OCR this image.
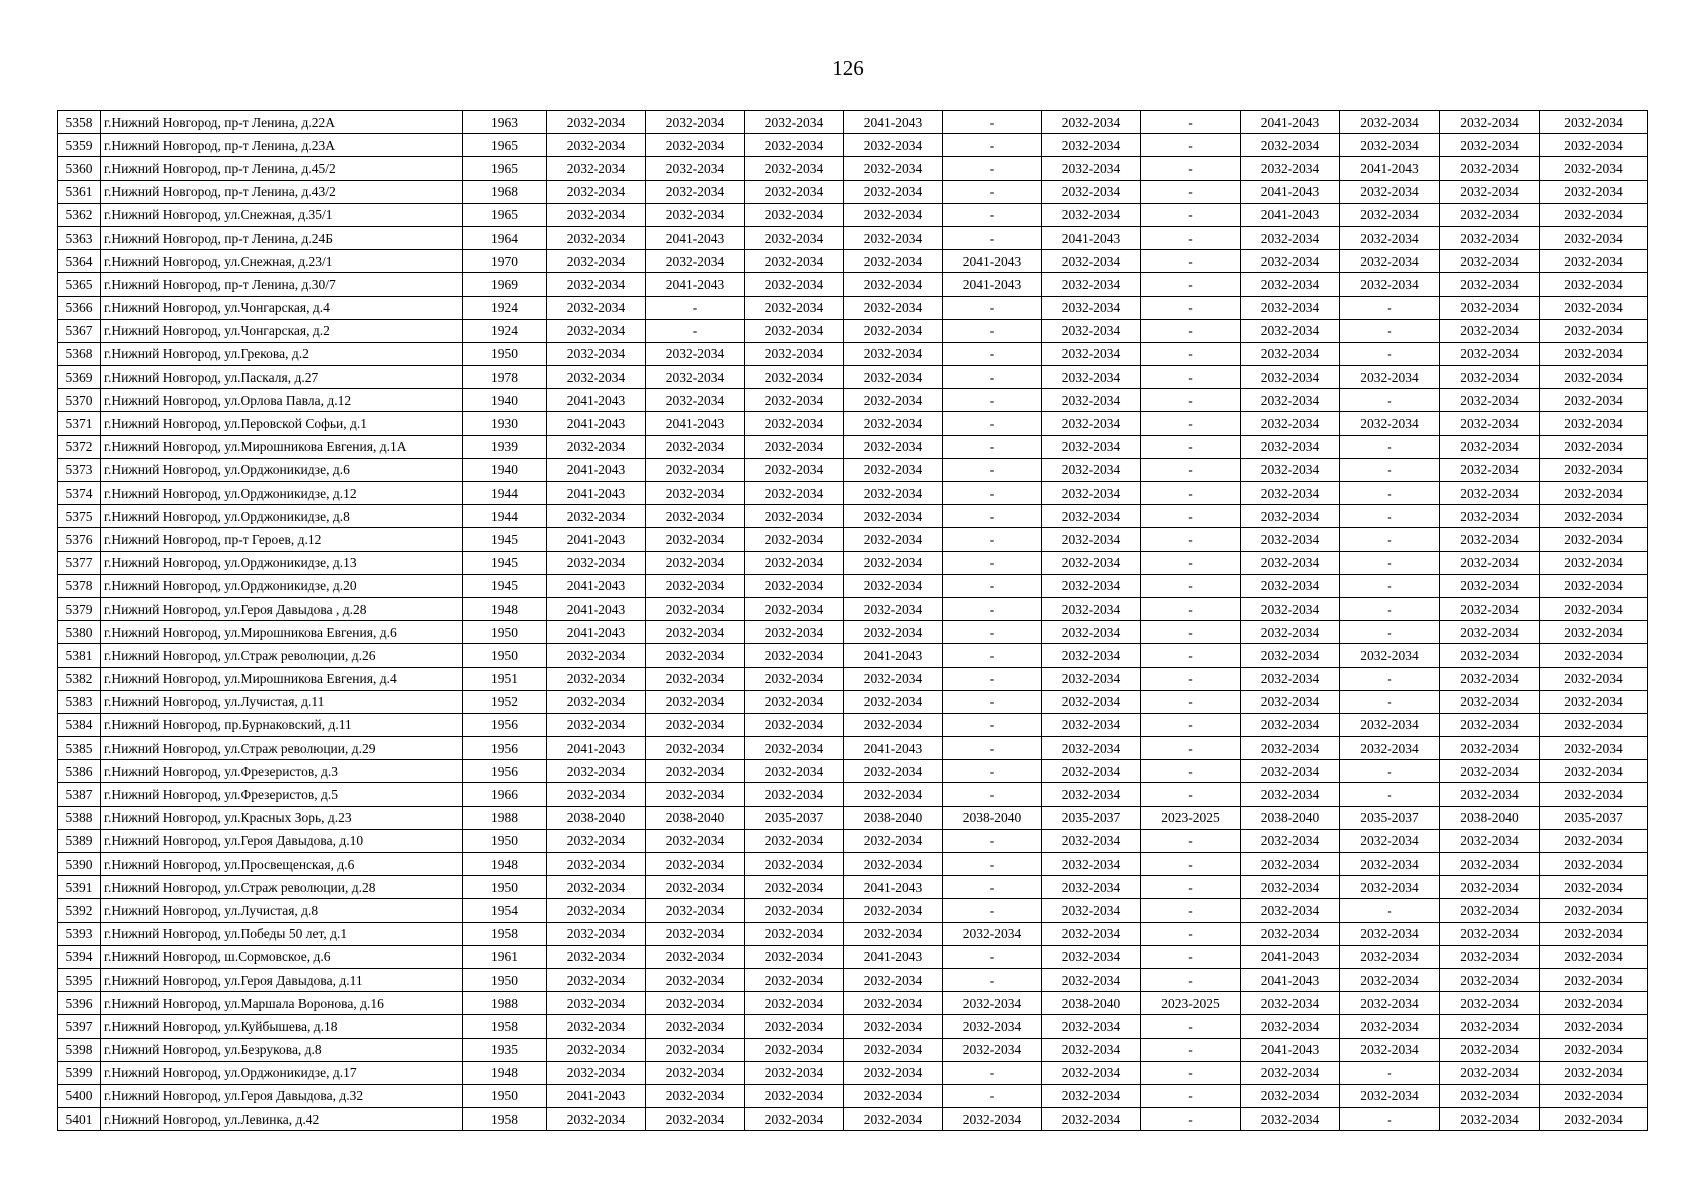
126
5358	г.Нижний Новгород, пр-т Ленина, д.22А	1963	2032-2034	2032-2034	2032-2034	2041-2043	-	2032-2034	-	2041-2043	2032-2034	2032-2034	2032-2034
5359	г.Нижний Новгород, пр-т Ленина, д.23А	1965	2032-2034	2032-2034	2032-2034	2032-2034	-	2032-2034	-	2032-2034	2032-2034	2032-2034	2032-2034
5360	г.Нижний Новгород, пр-т Ленина, д.45/2	1965	2032-2034	2032-2034	2032-2034	2032-2034	-	2032-2034	-	2032-2034	2041-2043	2032-2034	2032-2034
5361	г.Нижний Новгород, пр-т Ленина, д.43/2	1968	2032-2034	2032-2034	2032-2034	2032-2034	-	2032-2034	-	2041-2043	2032-2034	2032-2034	2032-2034
5362	г.Нижний Новгород, ул.Снежная, д.35/1	1965	2032-2034	2032-2034	2032-2034	2032-2034	-	2032-2034	-	2041-2043	2032-2034	2032-2034	2032-2034
5363	г.Нижний Новгород, пр-т Ленина, д.24Б	1964	2032-2034	2041-2043	2032-2034	2032-2034	-	2041-2043	-	2032-2034	2032-2034	2032-2034	2032-2034
5364	г.Нижний Новгород, ул.Снежная, д.23/1	1970	2032-2034	2032-2034	2032-2034	2032-2034	2041-2043	2032-2034	-	2032-2034	2032-2034	2032-2034	2032-2034
5365	г.Нижний Новгород, пр-т Ленина, д.30/7	1969	2032-2034	2041-2043	2032-2034	2032-2034	2041-2043	2032-2034	-	2032-2034	2032-2034	2032-2034	2032-2034
5366	г.Нижний Новгород, ул.Чонгарская, д.4	1924	2032-2034	-	2032-2034	2032-2034	-	2032-2034	-	2032-2034	-	2032-2034	2032-2034
5367	г.Нижний Новгород, ул.Чонгарская, д.2	1924	2032-2034	-	2032-2034	2032-2034	-	2032-2034	-	2032-2034	-	2032-2034	2032-2034
5368	г.Нижний Новгород, ул.Грекова, д.2	1950	2032-2034	2032-2034	2032-2034	2032-2034	-	2032-2034	-	2032-2034	-	2032-2034	2032-2034
5369	г.Нижний Новгород, ул.Паскаля, д.27	1978	2032-2034	2032-2034	2032-2034	2032-2034	-	2032-2034	-	2032-2034	2032-2034	2032-2034	2032-2034
5370	г.Нижний Новгород, ул.Орлова Павла, д.12	1940	2041-2043	2032-2034	2032-2034	2032-2034	-	2032-2034	-	2032-2034	-	2032-2034	2032-2034
5371	г.Нижний Новгород, ул.Перовской Софьи, д.1	1930	2041-2043	2041-2043	2032-2034	2032-2034	-	2032-2034	-	2032-2034	2032-2034	2032-2034	2032-2034
5372	г.Нижний Новгород, ул.Мирошникова Евгения, д.1А	1939	2032-2034	2032-2034	2032-2034	2032-2034	-	2032-2034	-	2032-2034	-	2032-2034	2032-2034
5373	г.Нижний Новгород, ул.Орджоникидзе, д.6	1940	2041-2043	2032-2034	2032-2034	2032-2034	-	2032-2034	-	2032-2034	-	2032-2034	2032-2034
5374	г.Нижний Новгород, ул.Орджоникидзе, д.12	1944	2041-2043	2032-2034	2032-2034	2032-2034	-	2032-2034	-	2032-2034	-	2032-2034	2032-2034
5375	г.Нижний Новгород, ул.Орджоникидзе, д.8	1944	2032-2034	2032-2034	2032-2034	2032-2034	-	2032-2034	-	2032-2034	-	2032-2034	2032-2034
5376	г.Нижний Новгород, пр-т Героев, д.12	1945	2041-2043	2032-2034	2032-2034	2032-2034	-	2032-2034	-	2032-2034	-	2032-2034	2032-2034
5377	г.Нижний Новгород, ул.Орджоникидзе, д.13	1945	2032-2034	2032-2034	2032-2034	2032-2034	-	2032-2034	-	2032-2034	-	2032-2034	2032-2034
5378	г.Нижний Новгород, ул.Орджоникидзе, д.20	1945	2041-2043	2032-2034	2032-2034	2032-2034	-	2032-2034	-	2032-2034	-	2032-2034	2032-2034
5379	г.Нижний Новгород, ул.Героя Давыдова , д.28	1948	2041-2043	2032-2034	2032-2034	2032-2034	-	2032-2034	-	2032-2034	-	2032-2034	2032-2034
5380	г.Нижний Новгород, ул.Мирошникова Евгения, д.6	1950	2041-2043	2032-2034	2032-2034	2032-2034	-	2032-2034	-	2032-2034	-	2032-2034	2032-2034
5381	г.Нижний Новгород, ул.Страж революции, д.26	1950	2032-2034	2032-2034	2032-2034	2041-2043	-	2032-2034	-	2032-2034	2032-2034	2032-2034	2032-2034
5382	г.Нижний Новгород, ул.Мирошникова Евгения, д.4	1951	2032-2034	2032-2034	2032-2034	2032-2034	-	2032-2034	-	2032-2034	-	2032-2034	2032-2034
5383	г.Нижний Новгород, ул.Лучистая, д.11	1952	2032-2034	2032-2034	2032-2034	2032-2034	-	2032-2034	-	2032-2034	-	2032-2034	2032-2034
5384	г.Нижний Новгород, пр.Бурнаковский, д.11	1956	2032-2034	2032-2034	2032-2034	2032-2034	-	2032-2034	-	2032-2034	2032-2034	2032-2034	2032-2034
5385	г.Нижний Новгород, ул.Страж революции, д.29	1956	2041-2043	2032-2034	2032-2034	2041-2043	-	2032-2034	-	2032-2034	2032-2034	2032-2034	2032-2034
5386	г.Нижний Новгород, ул.Фрезеристов, д.3	1956	2032-2034	2032-2034	2032-2034	2032-2034	-	2032-2034	-	2032-2034	-	2032-2034	2032-2034
5387	г.Нижний Новгород, ул.Фрезеристов, д.5	1966	2032-2034	2032-2034	2032-2034	2032-2034	-	2032-2034	-	2032-2034	-	2032-2034	2032-2034
5388	г.Нижний Новгород, ул.Красных Зорь, д.23	1988	2038-2040	2038-2040	2035-2037	2038-2040	2038-2040	2035-2037	2023-2025	2038-2040	2035-2037	2038-2040	2035-2037
5389	г.Нижний Новгород, ул.Героя Давыдова, д.10	1950	2032-2034	2032-2034	2032-2034	2032-2034	-	2032-2034	-	2032-2034	2032-2034	2032-2034	2032-2034
5390	г.Нижний Новгород, ул.Просвещенская, д.6	1948	2032-2034	2032-2034	2032-2034	2032-2034	-	2032-2034	-	2032-2034	2032-2034	2032-2034	2032-2034
5391	г.Нижний Новгород, ул.Страж революции, д.28	1950	2032-2034	2032-2034	2032-2034	2041-2043	-	2032-2034	-	2032-2034	2032-2034	2032-2034	2032-2034
5392	г.Нижний Новгород, ул.Лучистая, д.8	1954	2032-2034	2032-2034	2032-2034	2032-2034	-	2032-2034	-	2032-2034	-	2032-2034	2032-2034
5393	г.Нижний Новгород, ул.Победы 50 лет, д.1	1958	2032-2034	2032-2034	2032-2034	2032-2034	2032-2034	2032-2034	-	2032-2034	2032-2034	2032-2034	2032-2034
5394	г.Нижний Новгород, ш.Сормовское, д.6	1961	2032-2034	2032-2034	2032-2034	2041-2043	-	2032-2034	-	2041-2043	2032-2034	2032-2034	2032-2034
5395	г.Нижний Новгород, ул.Героя Давыдова, д.11	1950	2032-2034	2032-2034	2032-2034	2032-2034	-	2032-2034	-	2041-2043	2032-2034	2032-2034	2032-2034
5396	г.Нижний Новгород, ул.Маршала Воронова, д.16	1988	2032-2034	2032-2034	2032-2034	2032-2034	2032-2034	2038-2040	2023-2025	2032-2034	2032-2034	2032-2034	2032-2034
5397	г.Нижний Новгород, ул.Куйбышева, д.18	1958	2032-2034	2032-2034	2032-2034	2032-2034	2032-2034	2032-2034	-	2032-2034	2032-2034	2032-2034	2032-2034
5398	г.Нижний Новгород, ул.Безрукова, д.8	1935	2032-2034	2032-2034	2032-2034	2032-2034	2032-2034	2032-2034	-	2041-2043	2032-2034	2032-2034	2032-2034
5399	г.Нижний Новгород, ул.Орджоникидзе, д.17	1948	2032-2034	2032-2034	2032-2034	2032-2034	-	2032-2034	-	2032-2034	-	2032-2034	2032-2034
5400	г.Нижний Новгород, ул.Героя Давыдова, д.32	1950	2041-2043	2032-2034	2032-2034	2032-2034	-	2032-2034	-	2032-2034	2032-2034	2032-2034	2032-2034
5401	г.Нижний Новгород, ул.Левинка, д.42	1958	2032-2034	2032-2034	2032-2034	2032-2034	2032-2034	2032-2034	-	2032-2034	-	2032-2034	2032-2034
